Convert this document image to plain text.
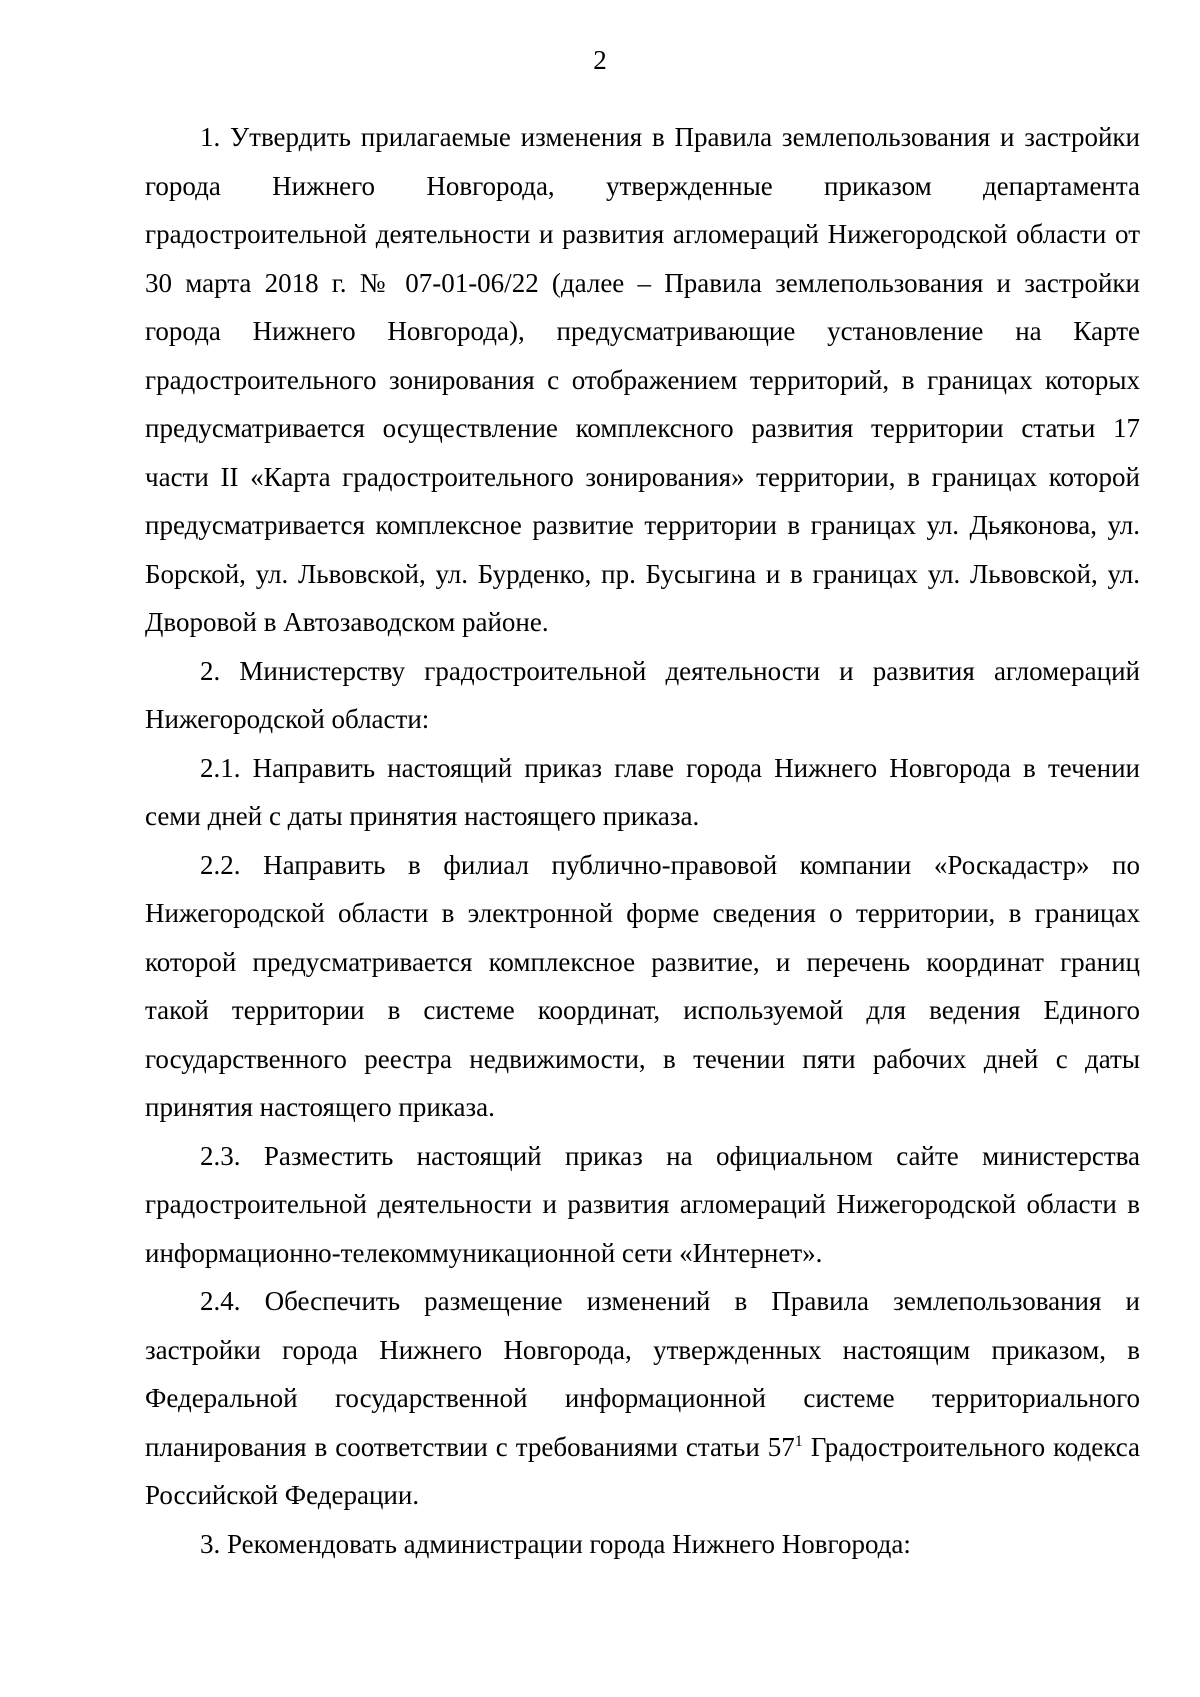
2

1. Утвердить прилагаемые изменения в Правила землепользования и застройки города Нижнего Новгорода, утвержденные приказом департамента градостроительной деятельности и развития агломераций Нижегородской области от 30 марта 2018 г. № 07-01-06/22 (далее – Правила землепользования и застройки города Нижнего Новгорода), предусматривающие установление на Карте градостроительного зонирования с отображением территорий, в границах которых предусматривается осуществление комплексного развития территории статьи 17 части II «Карта градостроительного зонирования» территории, в границах которой предусматривается комплексное развитие территории в границах ул. Дьяконова, ул. Борской, ул. Львовской, ул. Бурденко, пр. Бусыгина и в границах ул. Львовской, ул. Дворовой в Автозаводском районе.

2. Министерству градостроительной деятельности и развития агломераций Нижегородской области:

2.1. Направить настоящий приказ главе города Нижнего Новгорода в течении семи дней с даты принятия настоящего приказа.

2.2. Направить в филиал публично-правовой компании «Роскадастр» по Нижегородской области в электронной форме сведения о территории, в границах которой предусматривается комплексное развитие, и перечень координат границ такой территории в системе координат, используемой для ведения Единого государственного реестра недвижимости, в течении пяти рабочих дней с даты принятия настоящего приказа.

2.3. Разместить настоящий приказ на официальном сайте министерства градостроительной деятельности и развития агломераций Нижегородской области в информационно-телекоммуникационной сети «Интернет».

2.4. Обеспечить размещение изменений в Правила землепользования и застройки города Нижнего Новгорода, утвержденных настоящим приказом, в Федеральной государственной информационной системе территориального планирования в соответствии с требованиями статьи $57^1$ Градостроительного кодекса Российской Федерации.

3. Рекомендовать администрации города Нижнего Новгорода:
